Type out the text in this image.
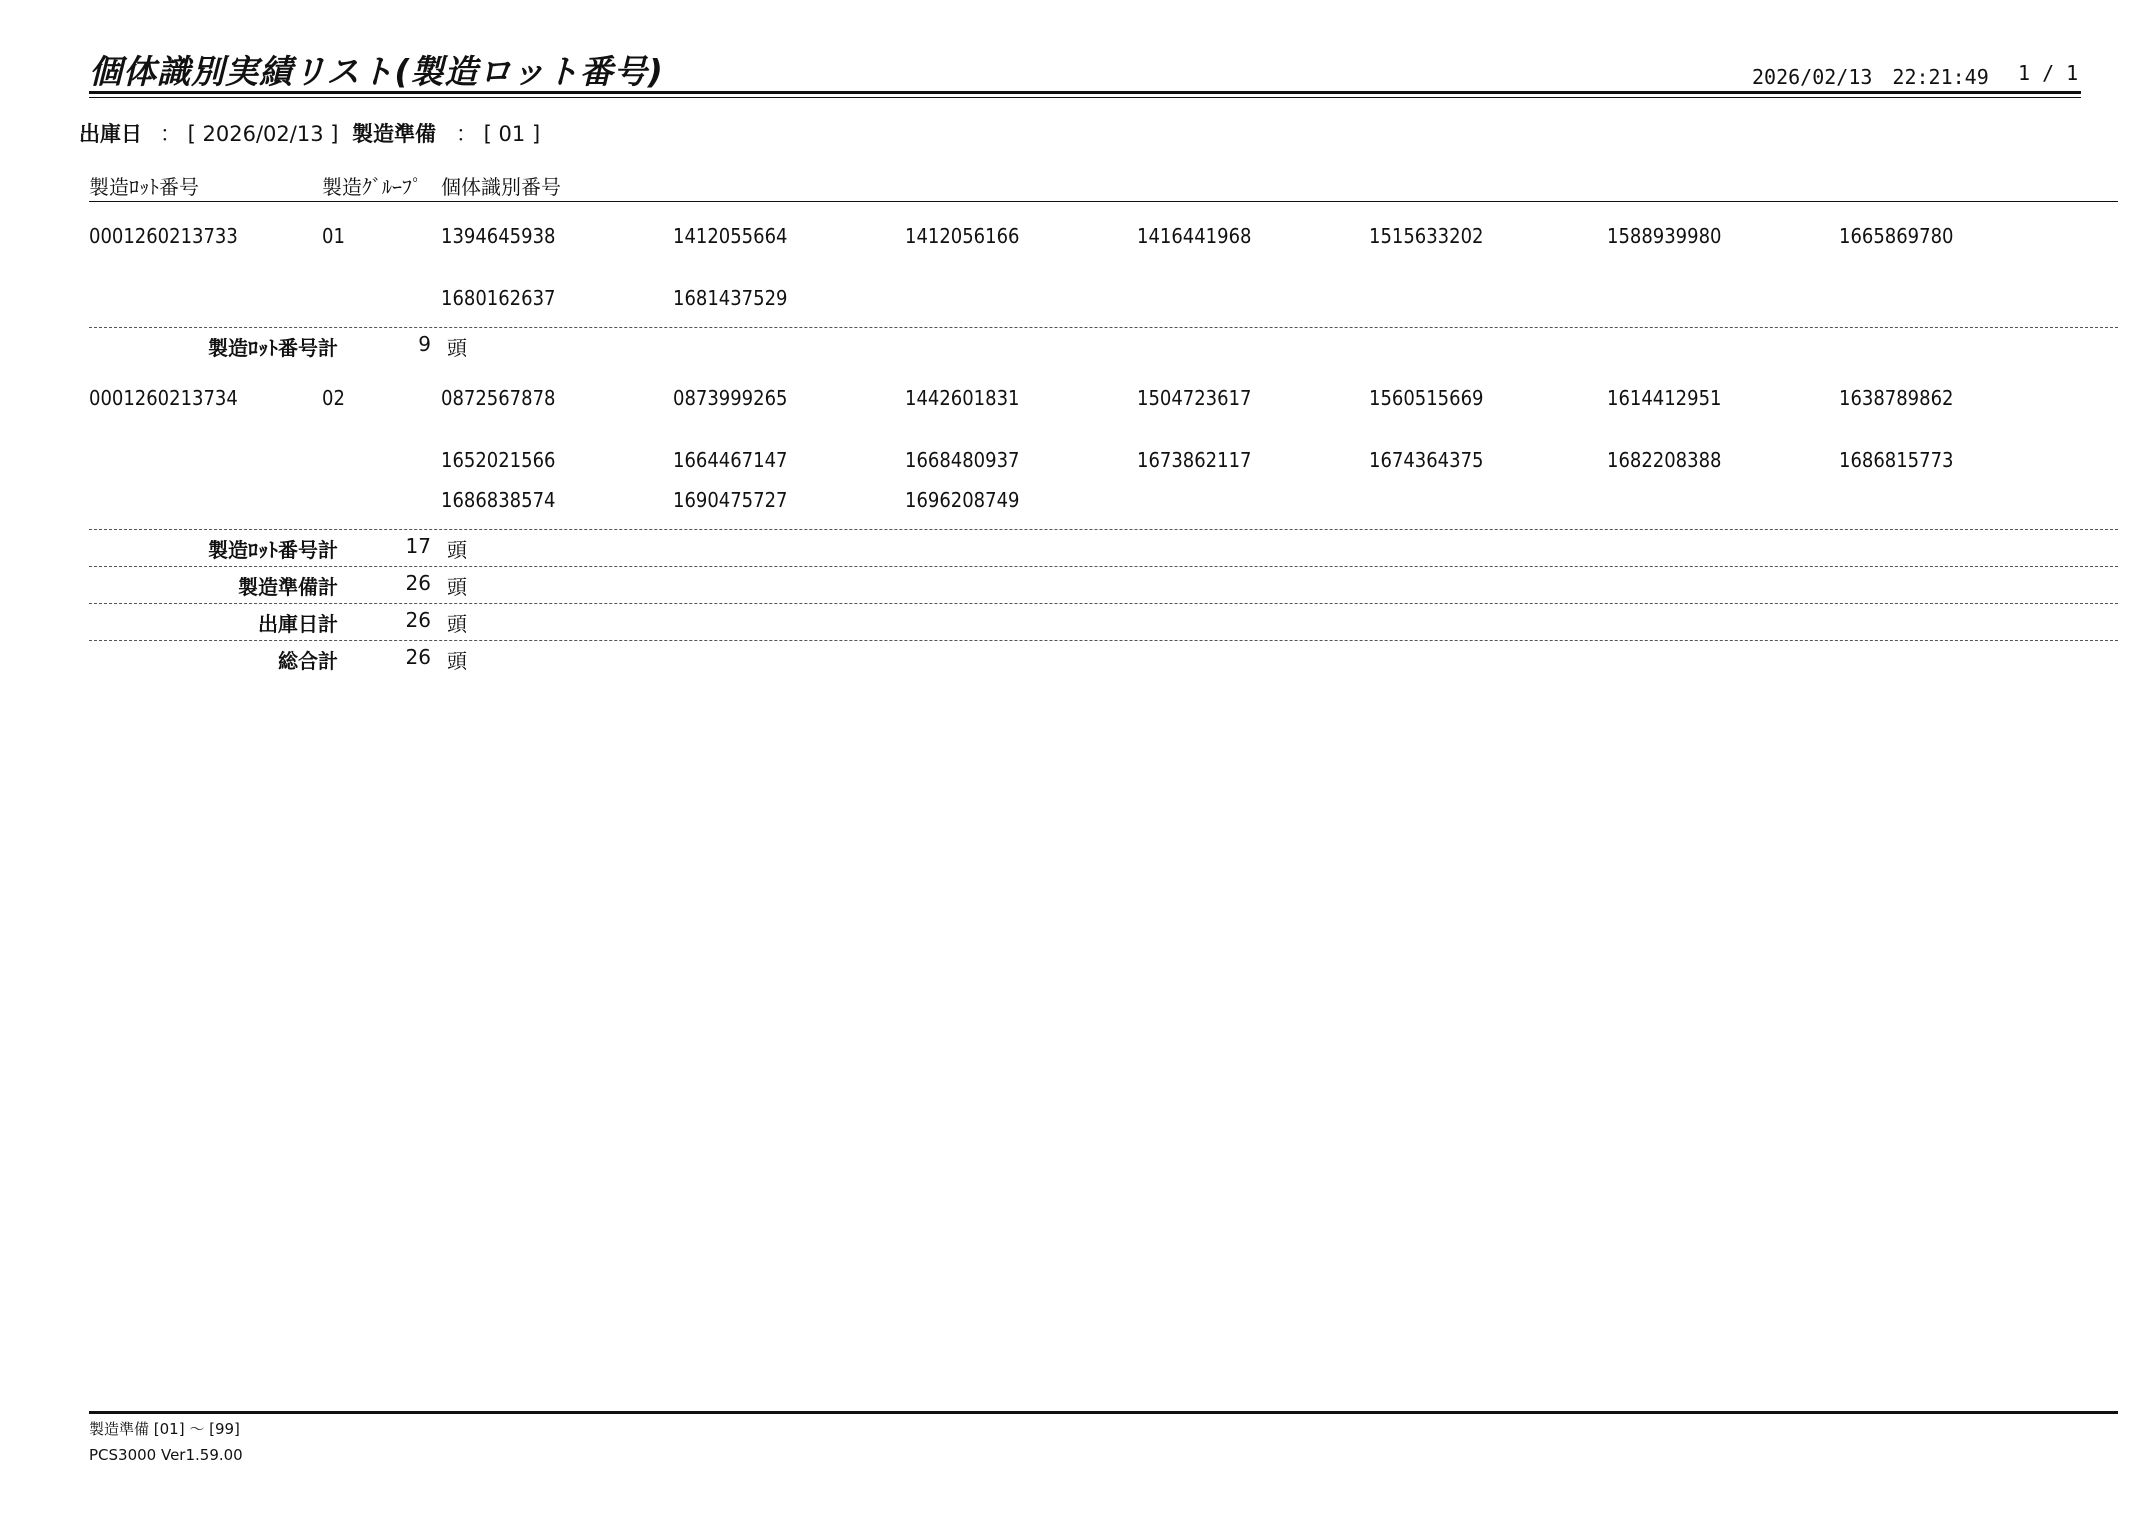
個体識別実績リスト(製造ロット番号)	2026/02/13　22:21:49 1 / 1
出庫日 ： [ 2026/02/13 ] 製造準備 ： [ 01 ]
製造ﾛｯﾄ番号	製造ｸﾞﾙｰﾌﾟ 個体識別番号
0001260213733	01	1394645938	1412055664	1412056166	1416441968	1515633202	1588939980	1665869780
1680162637	1681437529
製造ﾛｯﾄ番号計	9 頭
0001260213734	02	0872567878	0873999265	1442601831	1504723617	1560515669	1614412951	1638789862
1652021566	1664467147	1668480937	1673862117	1674364375	1682208388	1686815773
1686838574	1690475727	1696208749
製造ﾛｯﾄ番号計	17 頭
製造準備計	26 頭
出庫日計	26 頭
総合計	26 頭
製造準備 [01] 〜 [99]
PCS3000 Ver1.59.00
